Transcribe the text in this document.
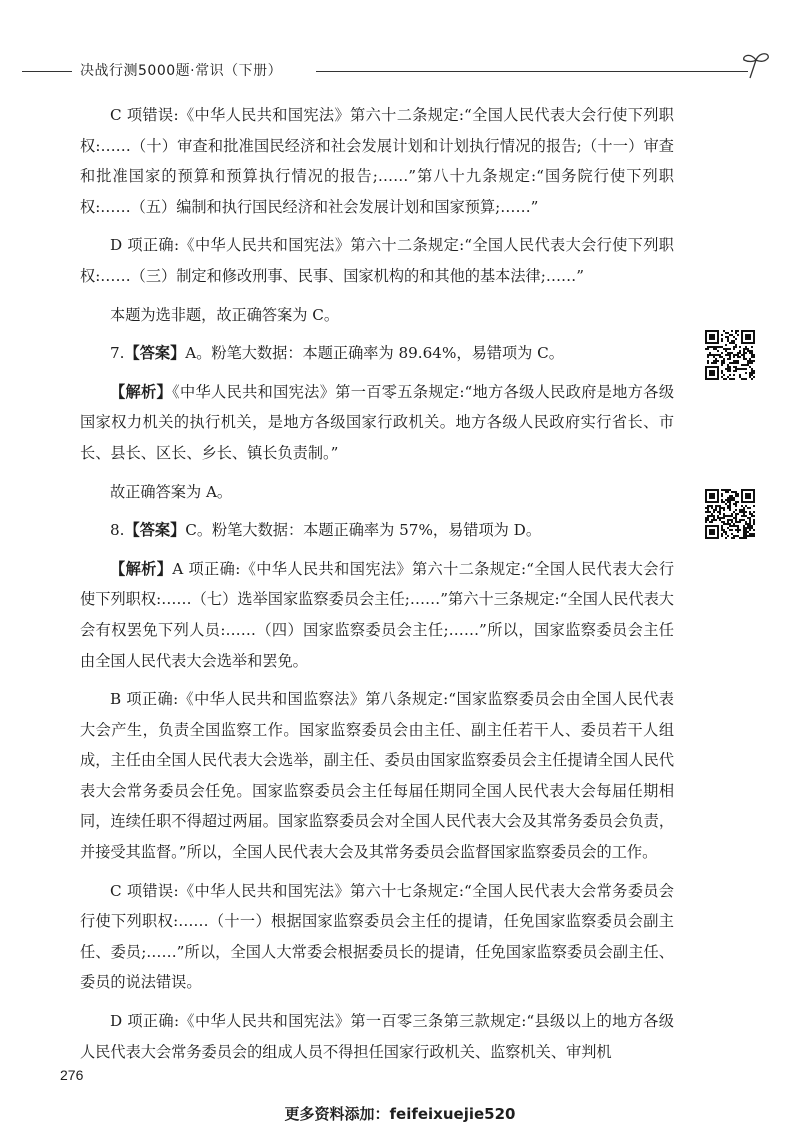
决战行测5000题·常识（下册）

C 项错误:《中华人民共和国宪法》第六十二条规定:“全国人民代表大会行使下列职权:……（十）审查和批准国民经济和社会发展计划和计划执行情况的报告;（十一）审查和批准国家的预算和预算执行情况的报告;……”第八十九条规定:“国务院行使下列职权:……（五）编制和执行国民经济和社会发展计划和国家预算;……”

D 项正确:《中华人民共和国宪法》第六十二条规定:“全国人民代表大会行使下列职权:……（三）制定和修改刑事、民事、国家机构的和其他的基本法律;……”

本题为选非题，故正确答案为 C。

7.【答案】A。粉笔大数据：本题正确率为 89.64%，易错项为 C。

【解析】《中华人民共和国宪法》第一百零五条规定:“地方各级人民政府是地方各级国家权力机关的执行机关，是地方各级国家行政机关。地方各级人民政府实行省长、市长、县长、区长、乡长、镇长负责制。”

故正确答案为 A。

8.【答案】C。粉笔大数据：本题正确率为 57%，易错项为 D。

【解析】A 项正确:《中华人民共和国宪法》第六十二条规定:“全国人民代表大会行使下列职权:……（七）选举国家监察委员会主任;……”第六十三条规定:“全国人民代表大会有权罢免下列人员:……（四）国家监察委员会主任;……”所以，国家监察委员会主任由全国人民代表大会选举和罢免。

B 项正确:《中华人民共和国监察法》第八条规定:“国家监察委员会由全国人民代表大会产生，负责全国监察工作。国家监察委员会由主任、副主任若干人、委员若干人组成，主任由全国人民代表大会选举，副主任、委员由国家监察委员会主任提请全国人民代表大会常务委员会任免。国家监察委员会主任每届任期同全国人民代表大会每届任期相同，连续任职不得超过两届。国家监察委员会对全国人民代表大会及其常务委员会负责，并接受其监督。”所以，全国人民代表大会及其常务委员会监督国家监察委员会的工作。

C 项错误:《中华人民共和国宪法》第六十七条规定:“全国人民代表大会常务委员会行使下列职权:……（十一）根据国家监察委员会主任的提请，任免国家监察委员会副主任、委员;……”所以，全国人大常委会根据委员长的提请，任免国家监察委员会副主任、委员的说法错误。

D 项正确:《中华人民共和国宪法》第一百零三条第三款规定:“县级以上的地方各级人民代表大会常务委员会的组成人员不得担任国家行政机关、监察机关、审判机

276
更多资料添加：feifeixuejie520
